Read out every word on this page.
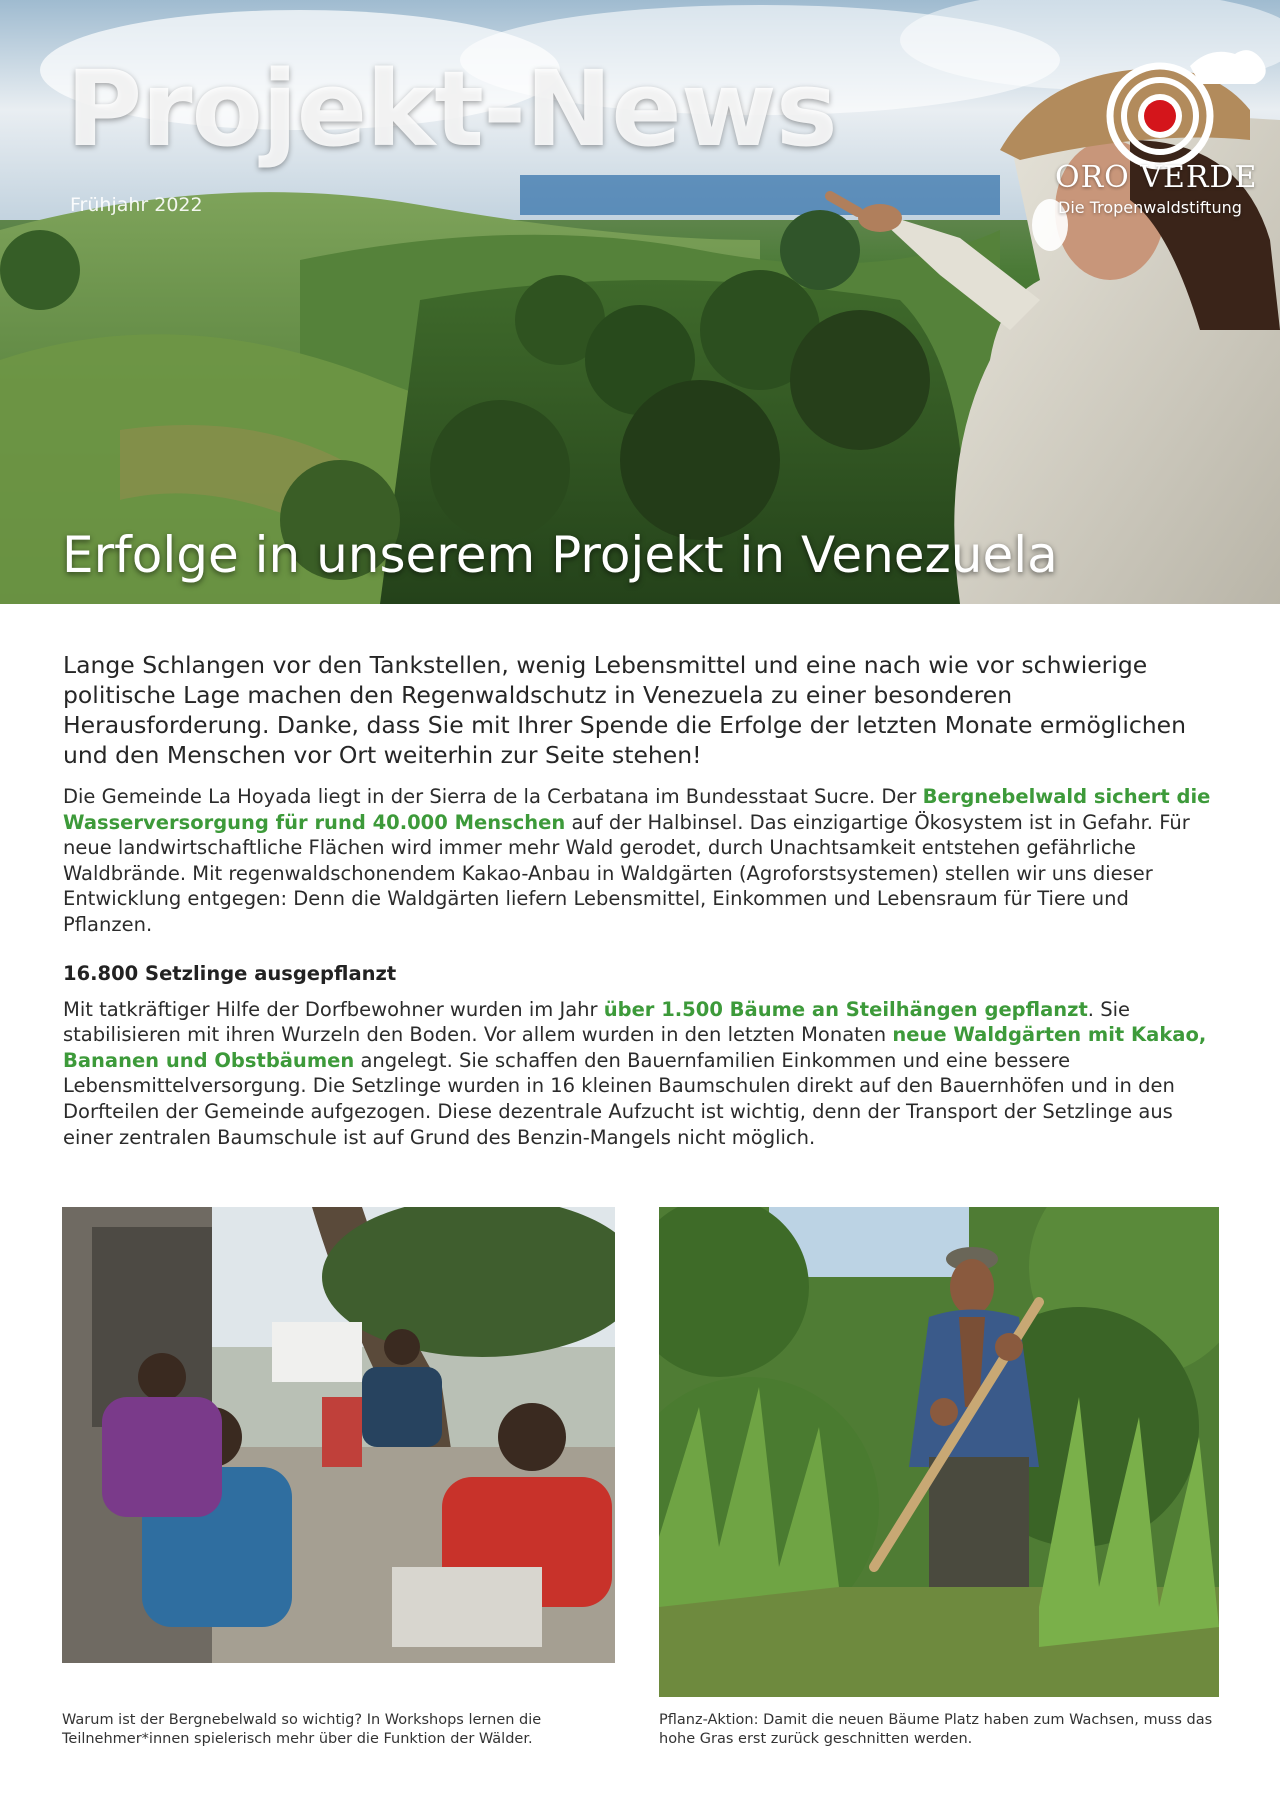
Projekt-News
Frühjahr 2022
ORO VERDE
Die Tropenwaldstiftung
Erfolge in unserem Projekt in Venezuela

Lange Schlangen vor den Tankstellen, wenig Lebensmittel und eine nach wie vor schwierige politische Lage machen den Regenwaldschutz in Venezuela zu einer besonderen Herausforderung. Danke, dass Sie mit Ihrer Spende die Erfolge der letzten Monate ermöglichen und den Menschen vor Ort weiterhin zur Seite stehen!

Die Gemeinde La Hoyada liegt in der Sierra de la Cerbatana im Bundesstaat Sucre. Der Bergnebelwald sichert die Wasserversorgung für rund 40.000 Menschen auf der Halbinsel. Das einzigartige Ökosystem ist in Gefahr. Für neue landwirtschaftliche Flächen wird immer mehr Wald gerodet, durch Unachtsamkeit entstehen gefährliche Waldbrände. Mit regenwaldschonendem Kakao-Anbau in Waldgärten (Agroforstsystemen) stellen wir uns dieser Entwicklung entgegen: Denn die Waldgärten liefern Lebensmittel, Einkommen und Lebensraum für Tiere und Pflanzen.

16.800 Setzlinge ausgepflanzt

Mit tatkräftiger Hilfe der Dorfbewohner wurden im Jahr über 1.500 Bäume an Steilhängen gepflanzt. Sie stabilisieren mit ihren Wurzeln den Boden. Vor allem wurden in den letzten Monaten neue Waldgärten mit Kakao, Bananen und Obstbäumen angelegt. Sie schaffen den Bauernfamilien Einkommen und eine bessere Lebensmittelversorgung. Die Setzlinge wurden in 16 kleinen Baumschulen direkt auf den Bauernhöfen und in den Dorfteilen der Gemeinde aufgezogen. Diese dezentrale Aufzucht ist wichtig, denn der Transport der Setzlinge aus einer zentralen Baumschule ist auf Grund des Benzin-Mangels nicht möglich.

Warum ist der Bergnebelwald so wichtig? In Workshops lernen die Teilnehmer*innen spielerisch mehr über die Funktion der Wälder.
Pflanz-Aktion: Damit die neuen Bäume Platz haben zum Wachsen, muss das hohe Gras erst zurück geschnitten werden.
